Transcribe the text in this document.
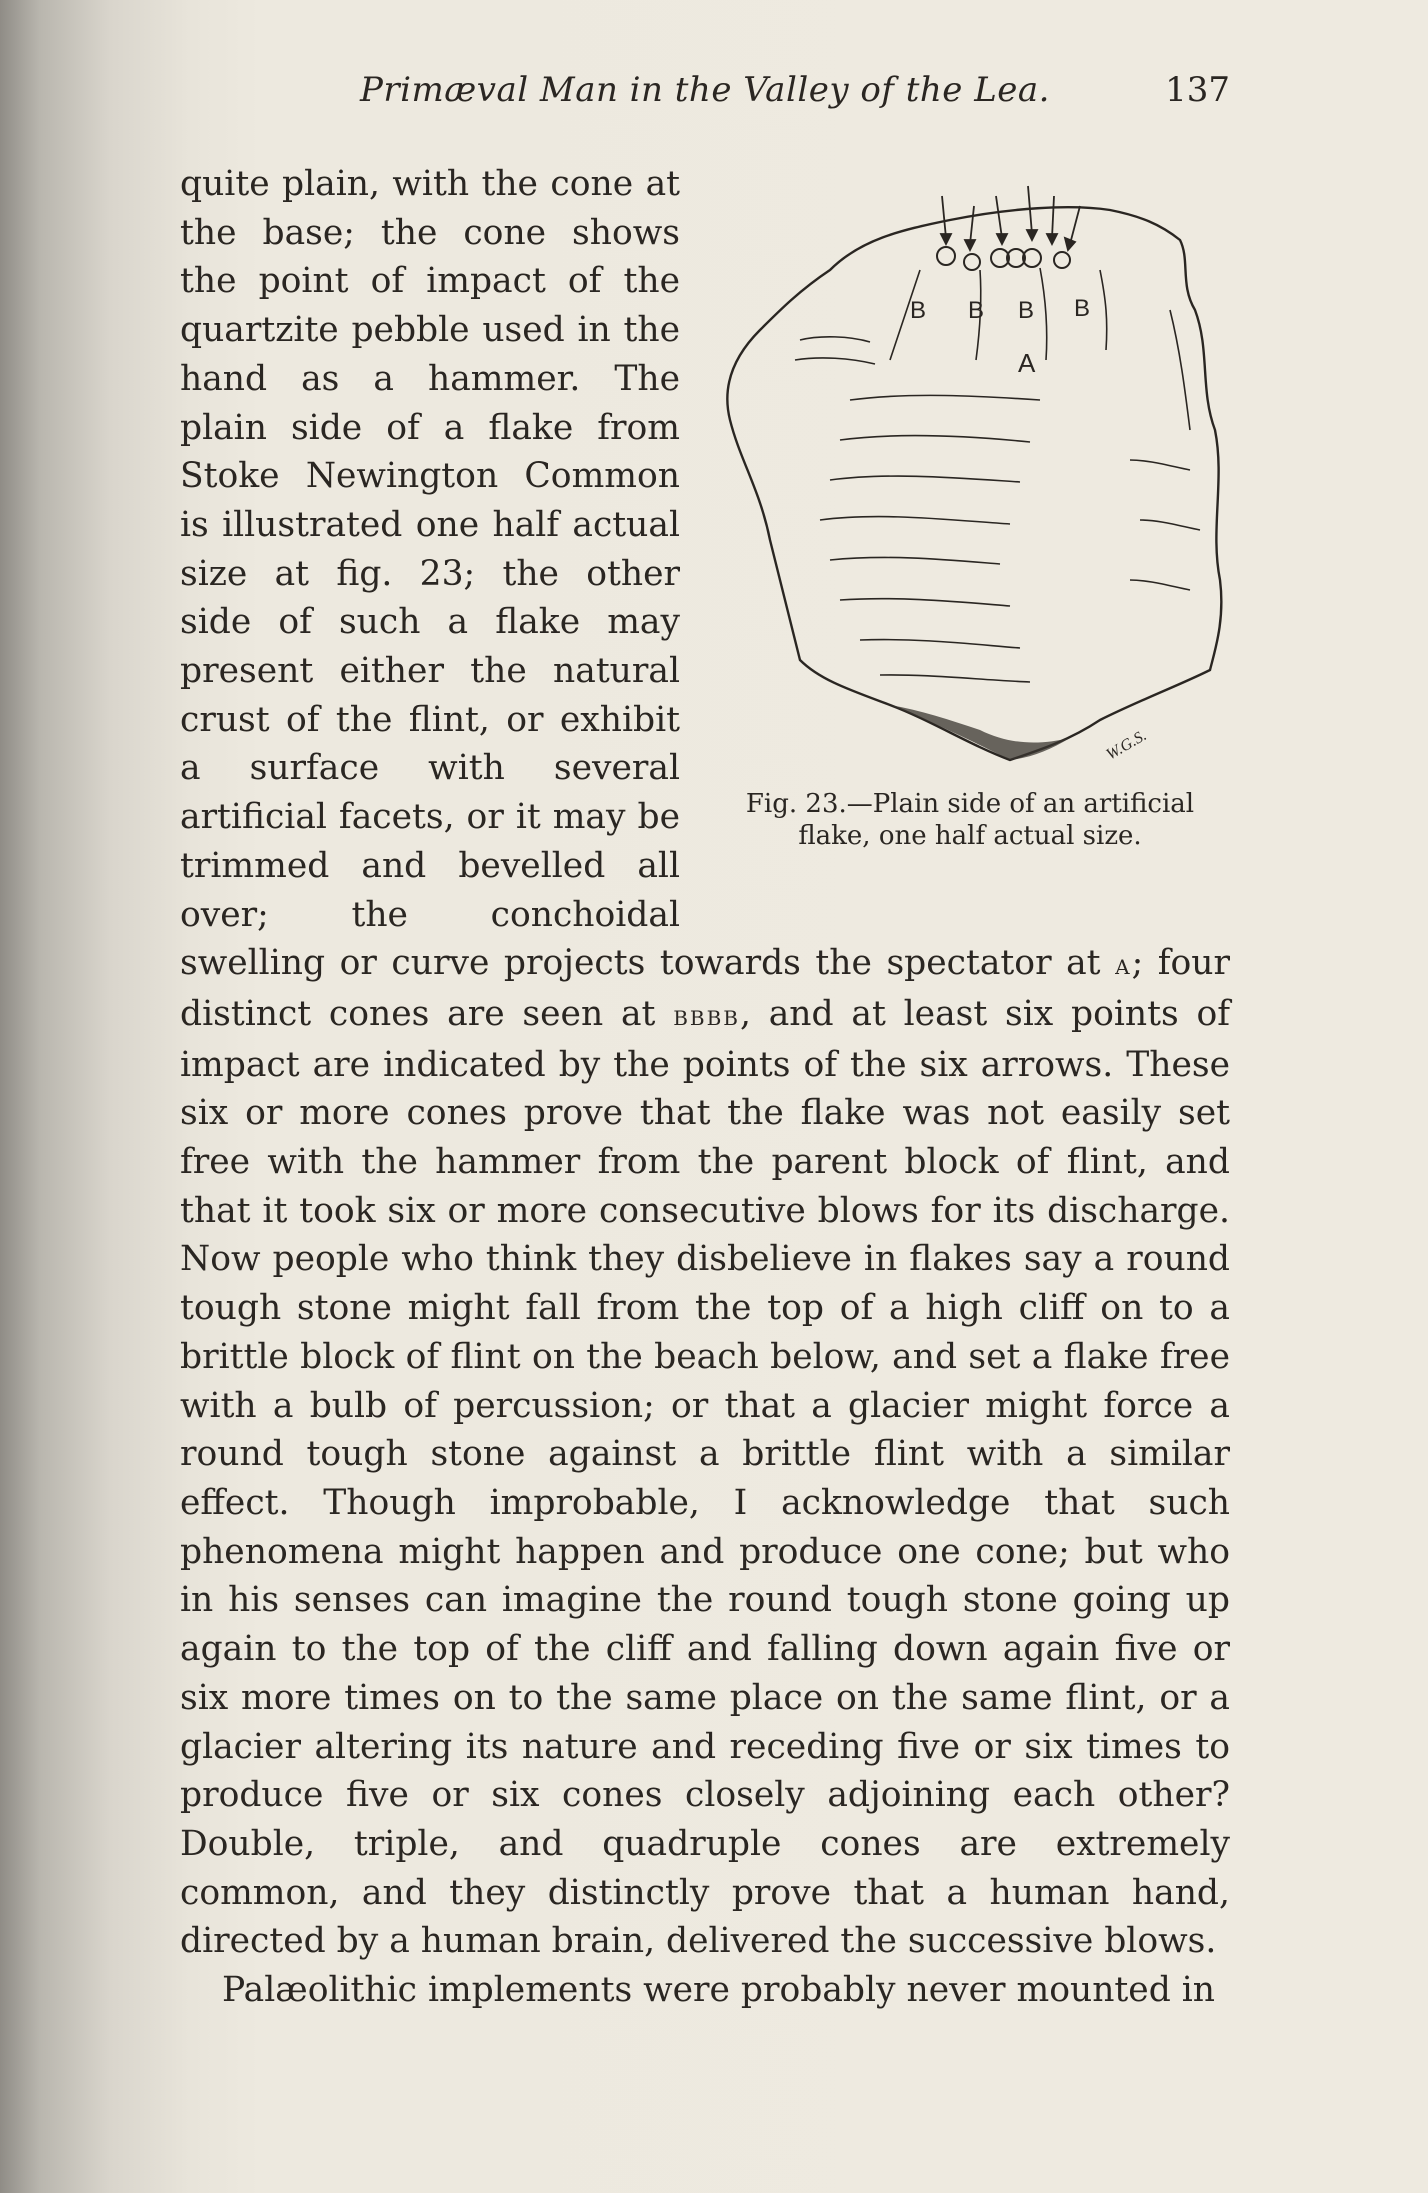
Primæval Man in the Valley of the Lea.	137
B B B B
A
W.G.S.
Fig. 23.—Plain side of an artificial flake, one half actual size.

quite plain, with the cone at the base; the cone shows the point of impact of the quartzite pebble used in the hand as a hammer. The plain side of a flake from Stoke Newington Common is illustrated one half actual size at fig. 23; the other side of such a flake may present either the natural crust of the flint, or exhibit a surface with several artificial facets, or it may be trimmed and bevelled all over; the conchoidal swelling or curve projects towards the spectator at a; four distinct cones are seen at bbbb, and at least six points of impact are indicated by the points of the six arrows. These six or more cones prove that the flake was not easily set free with the hammer from the parent block of flint, and that it took six or more consecutive blows for its discharge. Now people who think they disbelieve in flakes say a round tough stone might fall from the top of a high cliff on to a brittle block of flint on the beach below, and set a flake free with a bulb of percussion; or that a glacier might force a round tough stone against a brittle flint with a similar effect. Though improbable, I acknowledge that such phenomena might happen and produce one cone; but who in his senses can imagine the round tough stone going up again to the top of the cliff and falling down again five or six more times on to the same place on the same flint, or a glacier altering its nature and receding five or six times to produce five or six cones closely adjoining each other? Double, triple, and quadruple cones are extremely common, and they distinctly prove that a human hand, directed by a human brain, delivered the successive blows.

Palæolithic implements were probably never mounted in
